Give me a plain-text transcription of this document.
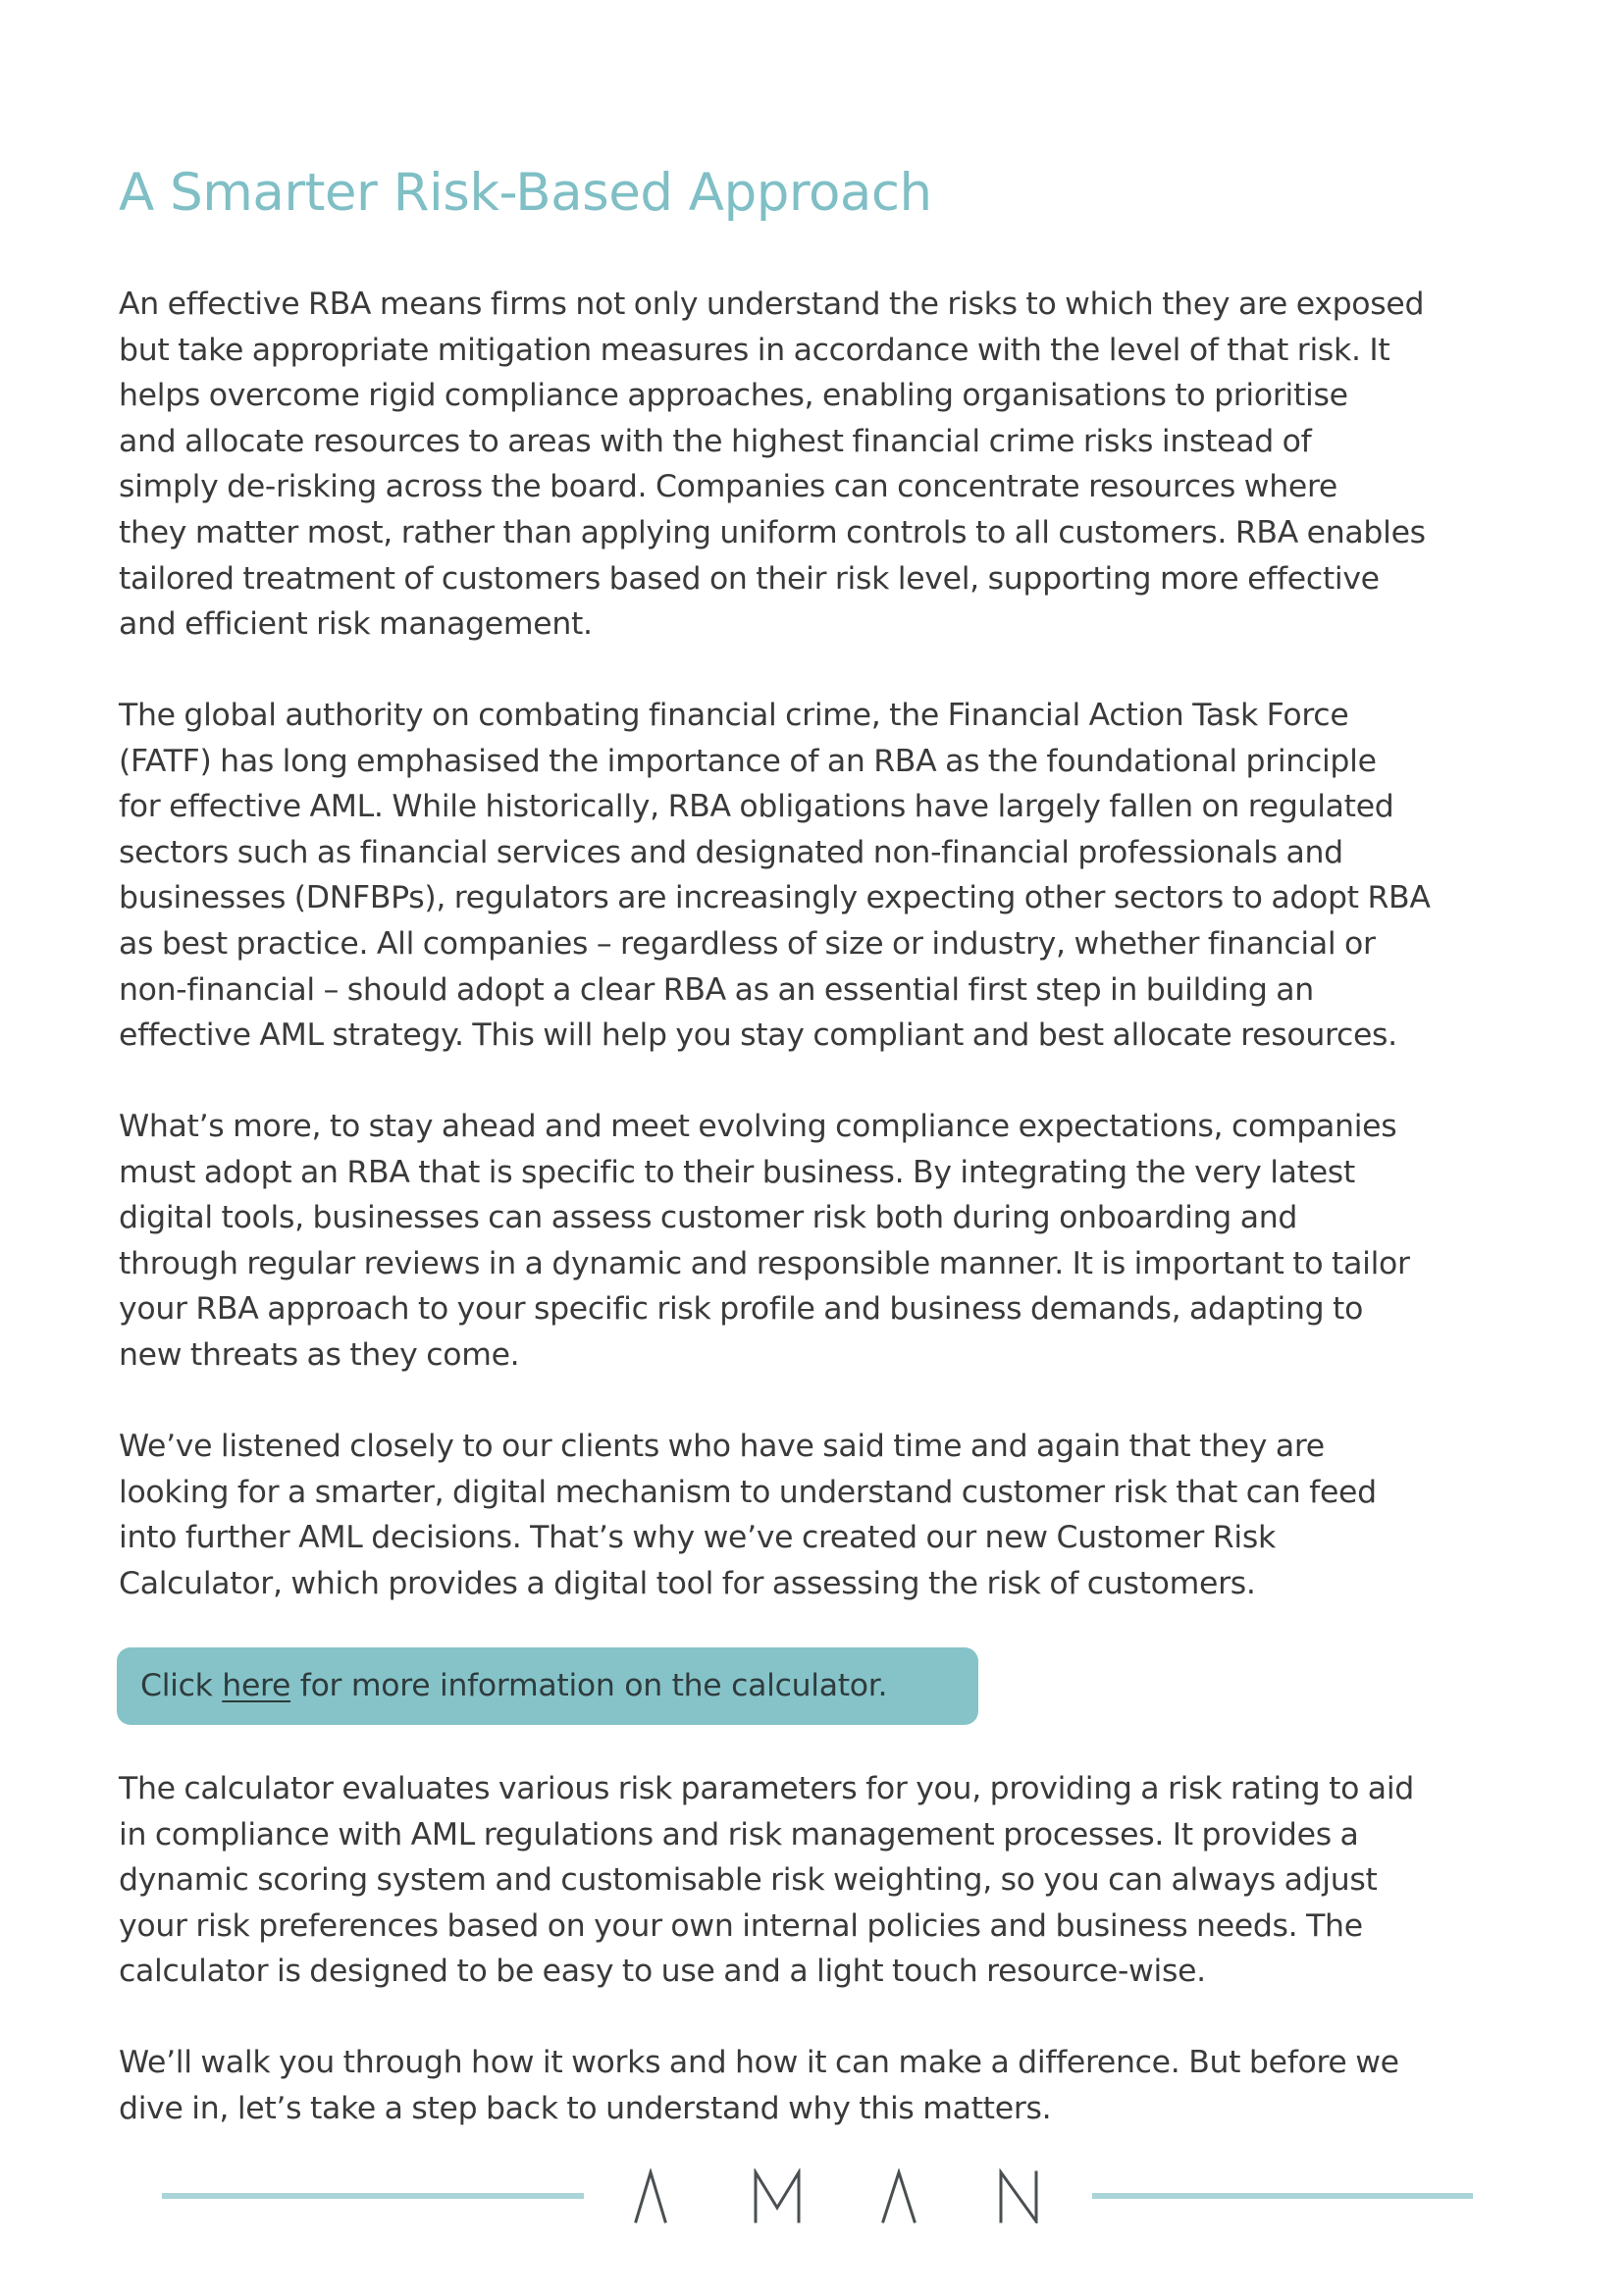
A Smarter Risk-Based Approach

An effective RBA means firms not only understand the risks to which they are exposed
but take appropriate mitigation measures in accordance with the level of that risk. It
helps overcome rigid compliance approaches, enabling organisations to prioritise
and allocate resources to areas with the highest financial crime risks instead of
simply de-risking across the board. Companies can concentrate resources where
they matter most, rather than applying uniform controls to all customers. RBA enables
tailored treatment of customers based on their risk level, supporting more effective
and efficient risk management.

The global authority on combating financial crime, the Financial Action Task Force
(FATF) has long emphasised the importance of an RBA as the foundational principle
for effective AML. While historically, RBA obligations have largely fallen on regulated
sectors such as financial services and designated non-financial professionals and
businesses (DNFBPs), regulators are increasingly expecting other sectors to adopt RBA
as best practice. All companies – regardless of size or industry, whether financial or
non-financial – should adopt a clear RBA as an essential first step in building an
effective AML strategy. This will help you stay compliant and best allocate resources.

What’s more, to stay ahead and meet evolving compliance expectations, companies
must adopt an RBA that is specific to their business. By integrating the very latest
digital tools, businesses can assess customer risk both during onboarding and
through regular reviews in a dynamic and responsible manner. It is important to tailor
your RBA approach to your specific risk profile and business demands, adapting to
new threats as they come.

We’ve listened closely to our clients who have said time and again that they are
looking for a smarter, digital mechanism to understand customer risk that can feed
into further AML decisions. That’s why we’ve created our new Customer Risk
Calculator, which provides a digital tool for assessing the risk of customers.

Click here for more information on the calculator.

The calculator evaluates various risk parameters for you, providing a risk rating to aid
in compliance with AML regulations and risk management processes. It provides a
dynamic scoring system and customisable risk weighting, so you can always adjust
your risk preferences based on your own internal policies and business needs. The
calculator is designed to be easy to use and a light touch resource-wise.

We’ll walk you through how it works and how it can make a difference. But before we
dive in, let’s take a step back to understand why this matters.
